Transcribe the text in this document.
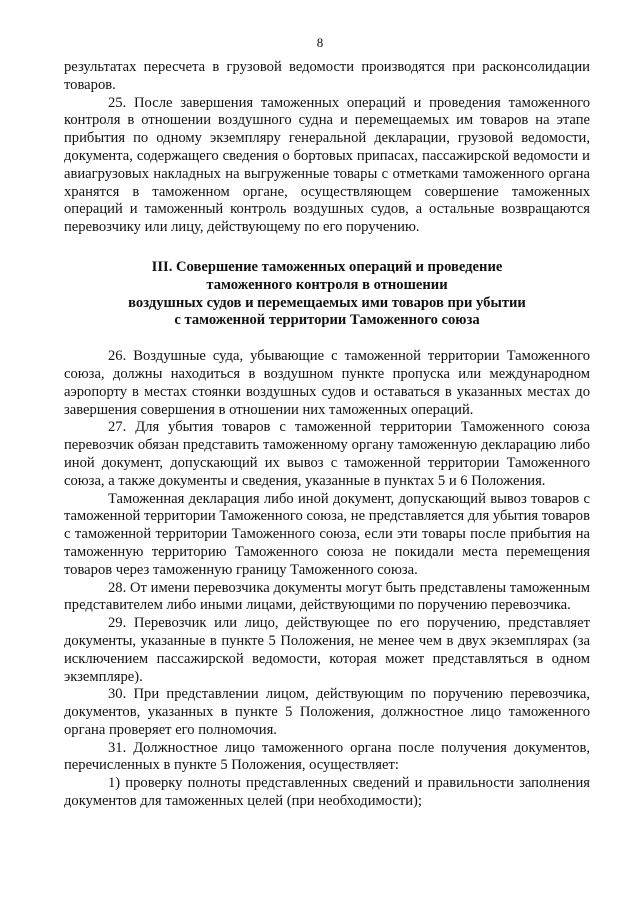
8

результатах пересчета в грузовой ведомости производятся при расконсолидации товаров.

25. После завершения таможенных операций и проведения таможенного контроля в отношении воздушного судна и перемещаемых им товаров на этапе прибытия по одному экземпляру генеральной декларации, грузовой ведомости, документа, содержащего сведения о бортовых припасах, пассажирской ведомости и авиагрузовых накладных на выгруженные товары с отметками таможенного органа хранятся в таможенном органе, осуществляющем совершение таможенных операций и таможенный контроль воздушных судов, а остальные возвращаются перевозчику или лицу, действующему по его поручению.

III. Совершение таможенных операций и проведение
таможенного контроля в отношении
воздушных судов и перемещаемых ими товаров при убытии
с таможенной территории Таможенного союза

26. Воздушные суда, убывающие с таможенной территории Таможенного союза, должны находиться в воздушном пункте пропуска или международном аэропорту в местах стоянки воздушных судов и оставаться в указанных местах до завершения совершения в отношении них таможенных операций.

27. Для убытия товаров с таможенной территории Таможенного союза перевозчик обязан представить таможенному органу таможенную декларацию либо иной документ, допускающий их вывоз с таможенной территории Таможенного союза, а также документы и сведения, указанные в пунктах 5 и 6 Положения.

Таможенная декларация либо иной документ, допускающий вывоз товаров с таможенной территории Таможенного союза, не представляется для убытия товаров с таможенной территории Таможенного союза, если эти товары после прибытия на таможенную территорию Таможенного союза не покидали места перемещения товаров через таможенную границу Таможенного союза.

28. От имени перевозчика документы могут быть представлены таможенным представителем либо иными лицами, действующими по поручению перевозчика.

29. Перевозчик или лицо, действующее по его поручению, представляет документы, указанные в пункте 5 Положения, не менее чем в двух экземплярах (за исключением пассажирской ведомости, которая может представляться в одном экземпляре).

30. При представлении лицом, действующим по поручению перевозчика, документов, указанных в пункте 5 Положения, должностное лицо таможенного органа проверяет его полномочия.

31. Должностное лицо таможенного органа после получения документов, перечисленных в пункте 5 Положения, осуществляет:

1) проверку полноты представленных сведений и правильности заполнения документов для таможенных целей (при необходимости);
